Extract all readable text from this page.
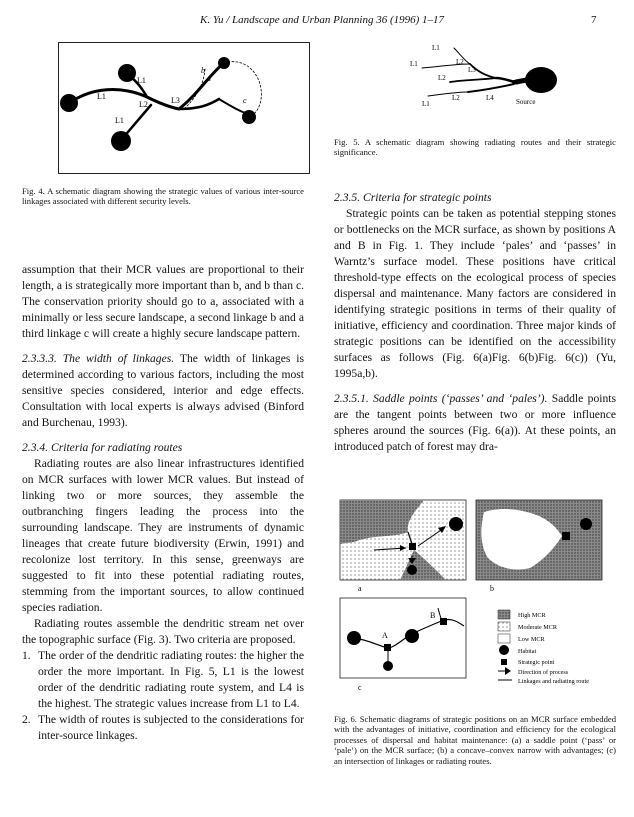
K. Yu / Landscape and Urban Planning 36 (1996) 1–17	7
L1
L1
L1
L2	L3
a
b
c
Fig. 4. A schematic diagram showing the strategic values of various inter-source linkages associated with different security levels.
L1
L1
L1
L2
L2
L2
L3
L4	Source
Fig. 5. A schematic diagram showing radiating routes and their strategic significance.

assumption that their MCR values are proportional to their length, a is strategically more important than b, and b than c. The conservation priority should go to a, associated with a minimally or less secure landscape, a second linkage b and a third linkage c will create a highly secure landscape pattern.

2.3.3.3. The width of linkages. The width of linkages is determined according to various factors, including the most sensitive species considered, interior and edge effects. Consultation with local experts is always advised (Binford and Burchenau, 1993).

2.3.4. Criteria for radiating routes

Radiating routes are also linear infrastructures identified on MCR surfaces with lower MCR values. But instead of linking two or more sources, they assemble the outbranching fingers leading the process into the surrounding landscape. They are instruments of dynamic lineages that create future biodiversity (Erwin, 1991) and recolonize lost territory. In this sense, greenways are suggested to fit into these potential radiating routes, stemming from the important sources, to allow continued species radiation.

Radiating routes assemble the dendritic stream net over the topographic surface (Fig. 3). Two criteria are proposed.

1. The order of the dendritic radiating routes: the higher the order the more important. In Fig. 5, L1 is the lowest order of the dendritic radiating route system, and L4 is the highest. The strategic values increase from L1 to L4.
2. The width of routes is subjected to the considerations for inter-source linkages.

2.3.5. Criteria for strategic points

Strategic points can be taken as potential stepping stones or bottlenecks on the MCR surface, as shown by positions A and B in Fig. 1. They include ‘pales’ and ‘passes’ in Warntz’s surface model. These positions have critical threshold-type effects on the ecological process of species dispersal and maintenance. Many factors are considered in identifying strategic positions in terms of their quality of initiative, efficiency and coordination. Three major kinds of strategic positions can be identified on the accessibility surfaces as follows (Fig. 6(a)Fig. 6(b)Fig. 6(c)) (Yu, 1995a,b).

2.3.5.1. Saddle points (‘passes’ and ‘pales’). Saddle points are the tangent points between two or more influence spheres around the sources (Fig. 6(a)). At these points, an introduced patch of forest may dra-

a	b
A
B
c
High MCR
Moderate MCR
Low MCR
Habitat
Strategic point
Direction of process
Linkages and radiating route
Fig. 6. Schematic diagrams of strategic positions on an MCR surface embedded with the advantages of initiative, coordination and efficiency for the ecological processes of dispersal and habitat maintenance: (a) a saddle point (‘pass’ or ‘pale’) on the MCR surface; (b) a concave–convex narrow with advantages; (c) an intersection of linkages or radiating routes.
